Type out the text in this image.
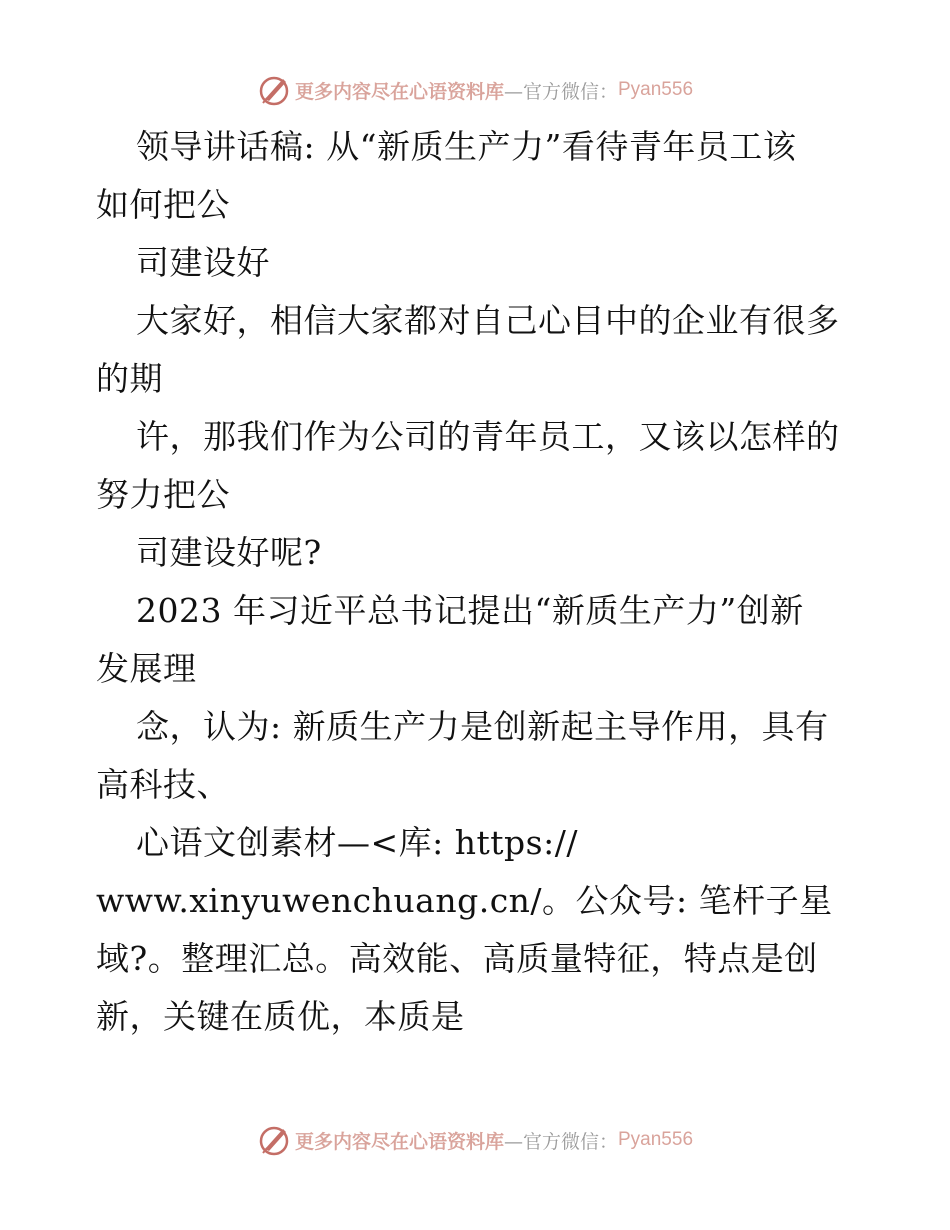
更多内容尽在心语资料库 —官方微信： Pyan556
领导讲话稿: 从“新质生产力”看待青年员工该
如何把公
司建设好
大家好，相信大家都对自己心目中的企业有很多
的期
许，那我们作为公司的青年员工，又该以怎样的
努力把公
司建设好呢?
2023 年习近平总书记提出“新质生产力”创新
发展理
念，认为: 新质生产力是创新起主导作用，具有
高科技、
心语文创素材—<库: https://
www.xinyuwenchuang.cn/。公众号: 笔杆子星
域?。整理汇总。高效能、高质量特征，特点是创
新，关键在质优，本质是
更多内容尽在心语资料库 —官方微信： Pyan556
